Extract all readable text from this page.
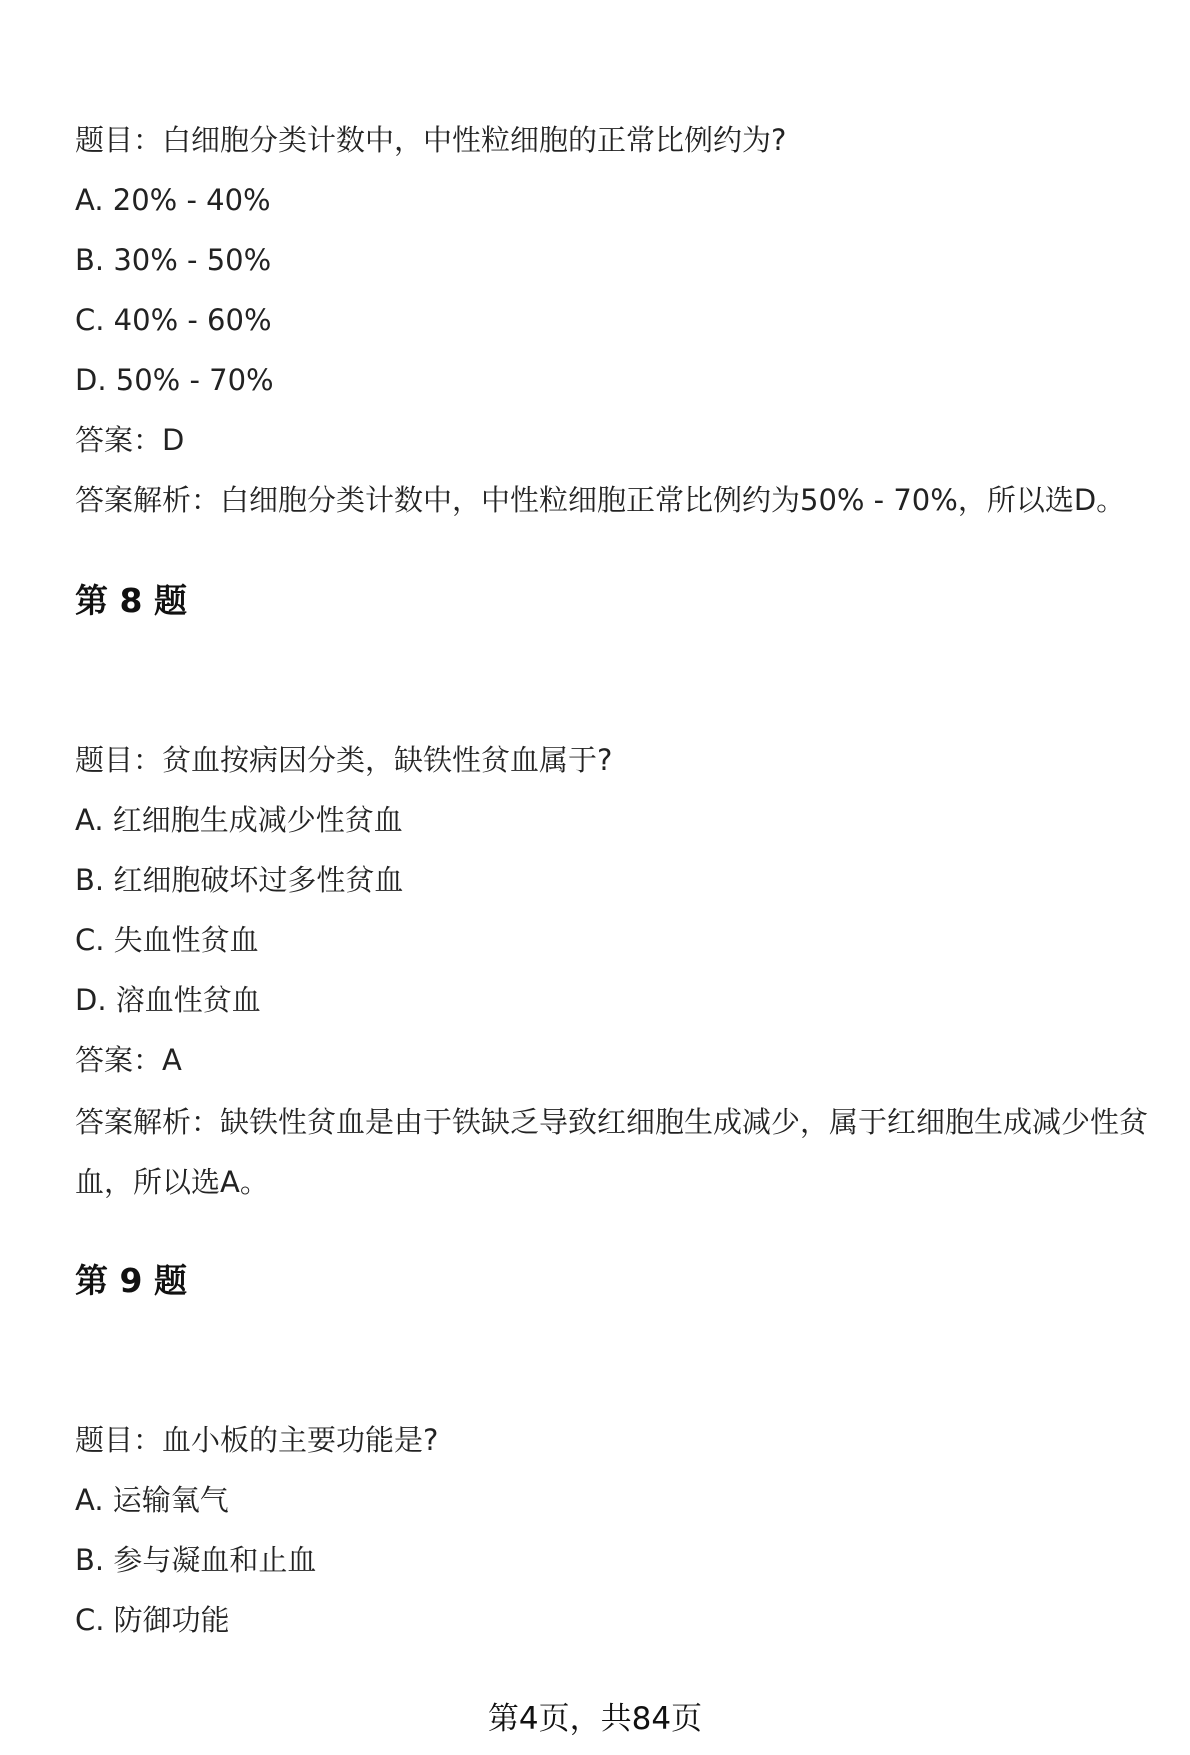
题目：白细胞分类计数中，中性粒细胞的正常比例约为?
A. 20% - 40%
B. 30% - 50%
C. 40% - 60%
D. 50% - 70%
答案：D
答案解析：白细胞分类计数中，中性粒细胞正常比例约为50% - 70%，所以选D。
第 8 题
题目：贫血按病因分类，缺铁性贫血属于?
A. 红细胞生成减少性贫血
B. 红细胞破坏过多性贫血
C. 失血性贫血
D. 溶血性贫血
答案：A
答案解析：缺铁性贫血是由于铁缺乏导致红细胞生成减少，属于红细胞生成减少性贫血，所以选A。
第 9 题
题目：血小板的主要功能是?
A. 运输氧气
B. 参与凝血和止血
C. 防御功能
第4页，共84页
